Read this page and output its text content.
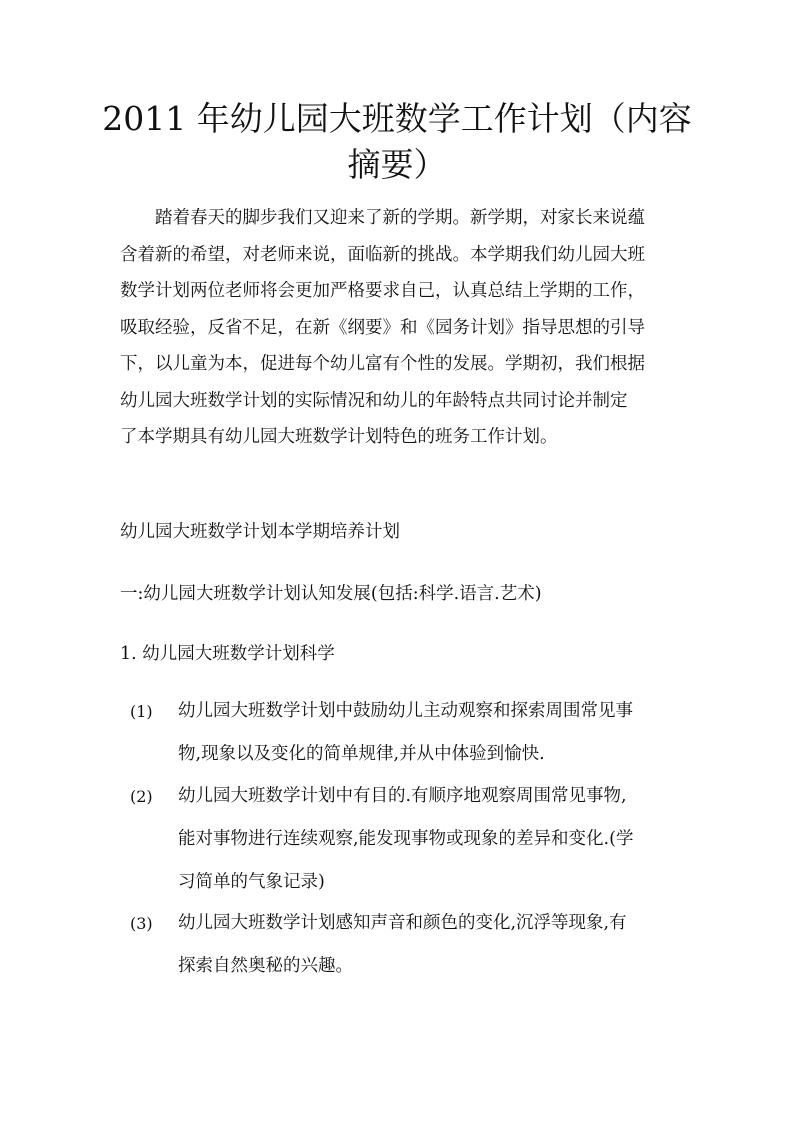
2011 年幼儿园大班数学工作计划（内容
摘要）
　　踏着春天的脚步我们又迎来了新的学期。新学期，对家长来说蕴
含着新的希望，对老师来说，面临新的挑战。本学期我们幼儿园大班
数学计划两位老师将会更加严格要求自己，认真总结上学期的工作，
吸取经验，反省不足，在新《纲要》和《园务计划》指导思想的引导
下，以儿童为本，促进每个幼儿富有个性的发展。学期初，我们根据
幼儿园大班数学计划的实际情况和幼儿的年龄特点共同讨论并制定
了本学期具有幼儿园大班数学计划特色的班务工作计划。

幼儿园大班数学计划本学期培养计划

一:幼儿园大班数学计划认知发展(包括:科学.语言.艺术)

1. 幼儿园大班数学计划科学

(1) 幼儿园大班数学计划中鼓励幼儿主动观察和探索周围常见事
物,现象以及变化的简单规律,并从中体验到愉快.
(2) 幼儿园大班数学计划中有目的.有顺序地观察周围常见事物,
能对事物进行连续观察,能发现事物或现象的差异和变化.(学
习简单的气象记录)
(3) 幼儿园大班数学计划感知声音和颜色的变化,沉浮等现象,有
探索自然奥秘的兴趣。
